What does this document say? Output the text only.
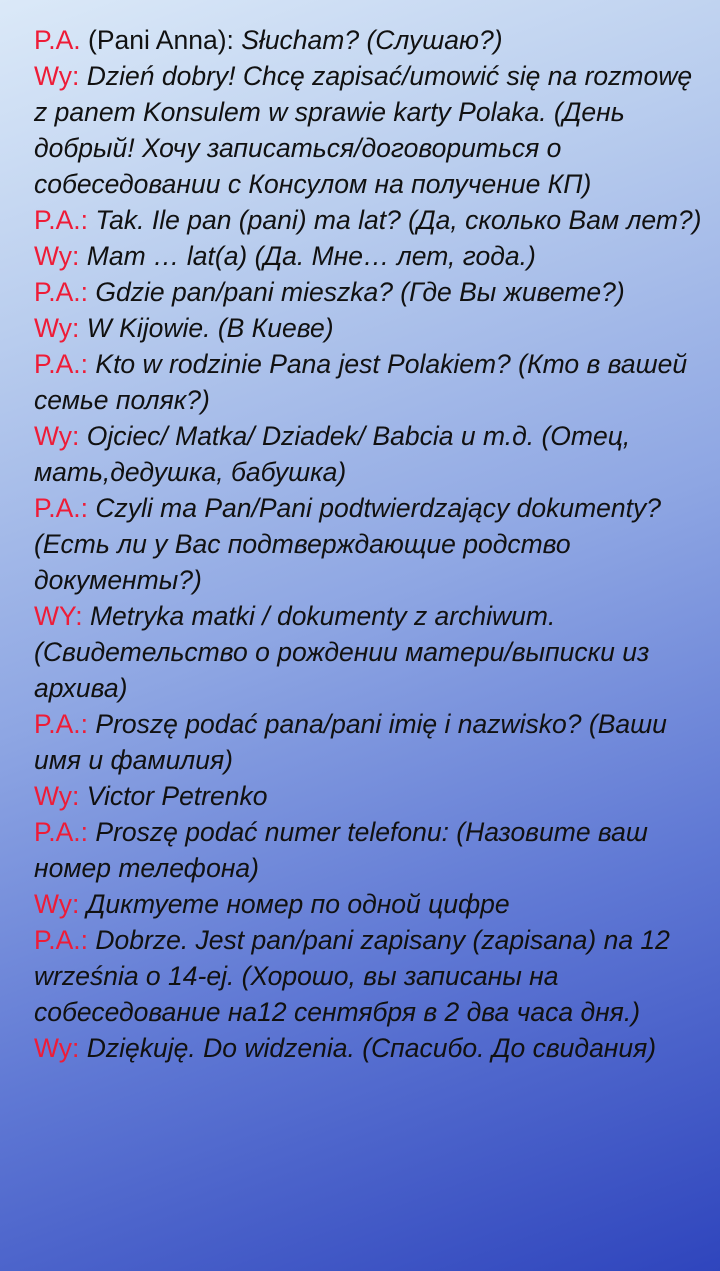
P.A. (Pani Anna): Słucham? (Слушаю?)

Wy: Dzień dobry! Chcę zapisać/umowić się na rozmowę z panem Konsulem w sprawie karty Polaka. (День добрый! Хочу записаться/договориться о собеседовании с Консулом на получение КП)

P.A.: Tak. Ile pan (pani) ma lat? (Да, сколько Вам лет?)

Wy: Mam … lat(a) (Да. Мне… лет, года.)

P.A.: Gdzie pan/pani mieszka? (Где Вы живете?)

Wy: W Kijowie. (В Киеве)

P.A.: Kto w rodzinie Pana jest Polakiem? (Кто в вашей семье поляк?)

Wy: Ojciec/ Matka/ Dziadek/ Babcia и т.д. (Отец, мать,дедушка, бабушка)

P.A.: Czyli ma Pan/Pani podtwierdzający dokumenty? (Есть ли у Вас подтверждающие родство документы?)

WY: Metryka matki / dokumenty z archiwum. (Свидетельство о рождении матери/выписки из архива)

P.A.: Proszę podać pana/pani imię i nazwisko? (Ваши имя и фамилия)

Wy: Victor Petrenko

P.A.: Proszę podać numer telefonu: (Назовите ваш номер телефона)

Wy: Диктуете номер по одной цифре

P.A.: Dobrze. Jest pan/pani zapisany (zapisana) na 12 września o 14-ej. (Хорошо, вы записаны на собеседование на12 сентября в 2 два часа дня.)

Wy: Dziękuję. Do widzenia. (Спасибо. До свидания)
